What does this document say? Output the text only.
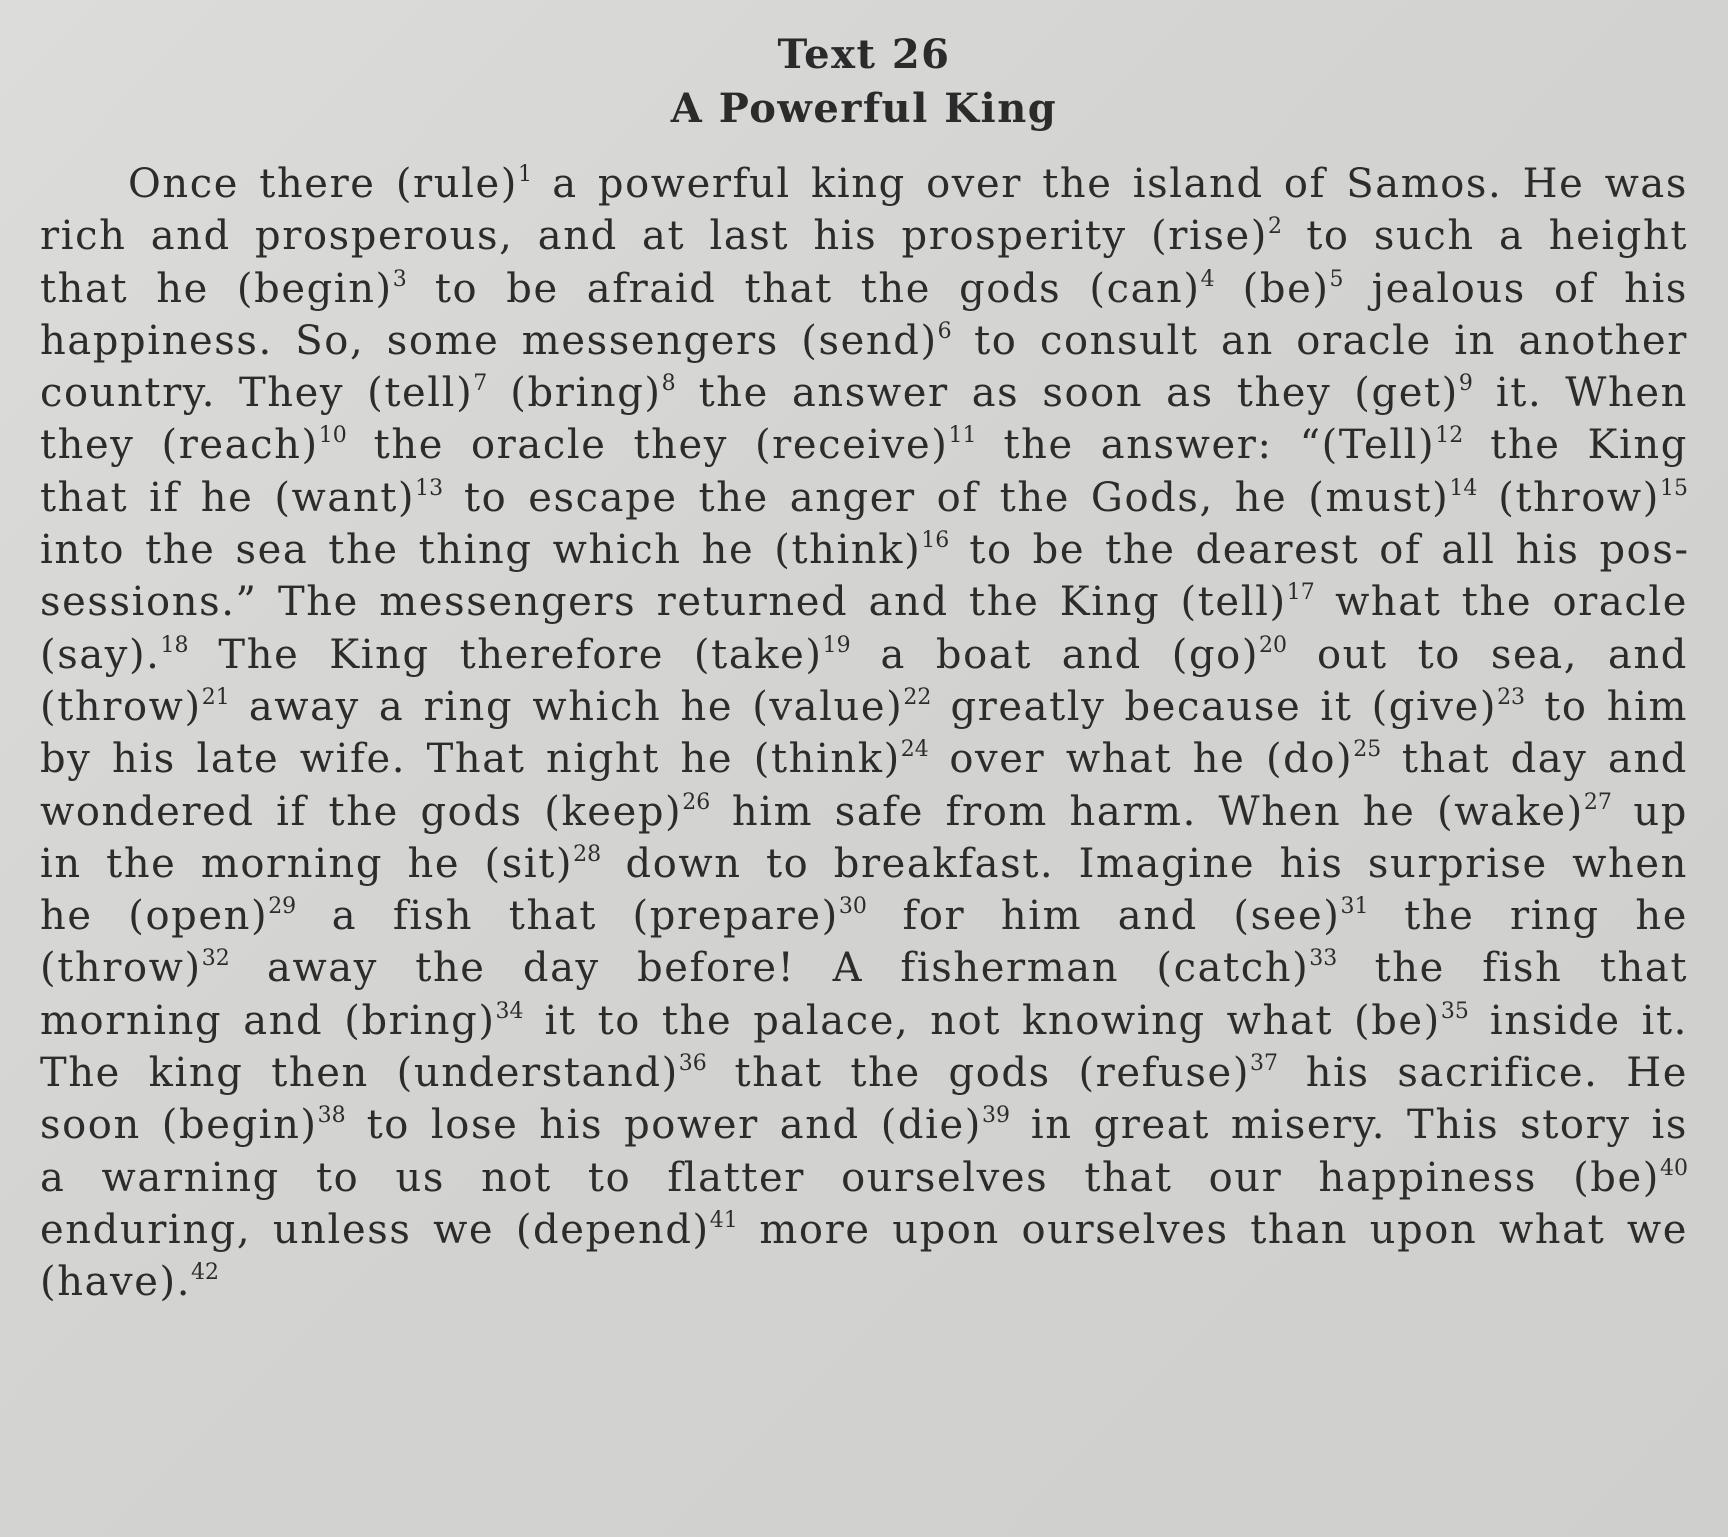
Text 26
A Powerful King
Once there (rule)$^1$ a powerful king over the island of Samos. He was rich and prosperous, and at last his prosperity (rise)$^2$ to such a height that he (begin)$^3$ to be afraid that the gods (can)$^4$ (be)$^5$ jealous of his happiness. So, some messengers (send)$^6$ to consult an oracle in another country. They (tell)$^7$ (bring)$^8$ the answer as soon as they (get)$^9$ it. When they (reach)$^{10}$ the oracle they (receive)$^{11}$ the answer: “(Tell)$^{12}$ the King that if he (want)$^{13}$ to escape the anger of the Gods, he (must)$^{14}$ (throw)$^{15}$ into the sea the thing which he (think)$^{16}$ to be the dearest of all his possessions.” The messengers returned and the King (tell)$^{17}$ what the oracle (say).$^{18}$ The King therefore (take)$^{19}$ a boat and (go)$^{20}$ out to sea, and (throw)$^{21}$ away a ring which he (value)$^{22}$ greatly because it (give)$^{23}$ to him by his late wife. That night he (think)$^{24}$ over what he (do)$^{25}$ that day and wondered if the gods (keep)$^{26}$ him safe from harm. When he (wake)$^{27}$ up in the morning he (sit)$^{28}$ down to breakfast. Imagine his surprise when he (open)$^{29}$ a fish that (prepare)$^{30}$ for him and (see)$^{31}$ the ring he (throw)$^{32}$ away the day before! A fisherman (catch)$^{33}$ the fish that morning and (bring)$^{34}$ it to the palace, not knowing what (be)$^{35}$ inside it. The king then (understand)$^{36}$ that the gods (refuse)$^{37}$ his sacrifice. He soon (begin)$^{38}$ to lose his power and (die)$^{39}$ in great misery. This story is a warning to us not to flatter ourselves that our happiness (be)$^{40}$ enduring, unless we (depend)$^{41}$ more upon ourselves than upon what we (have).$^{42}$
